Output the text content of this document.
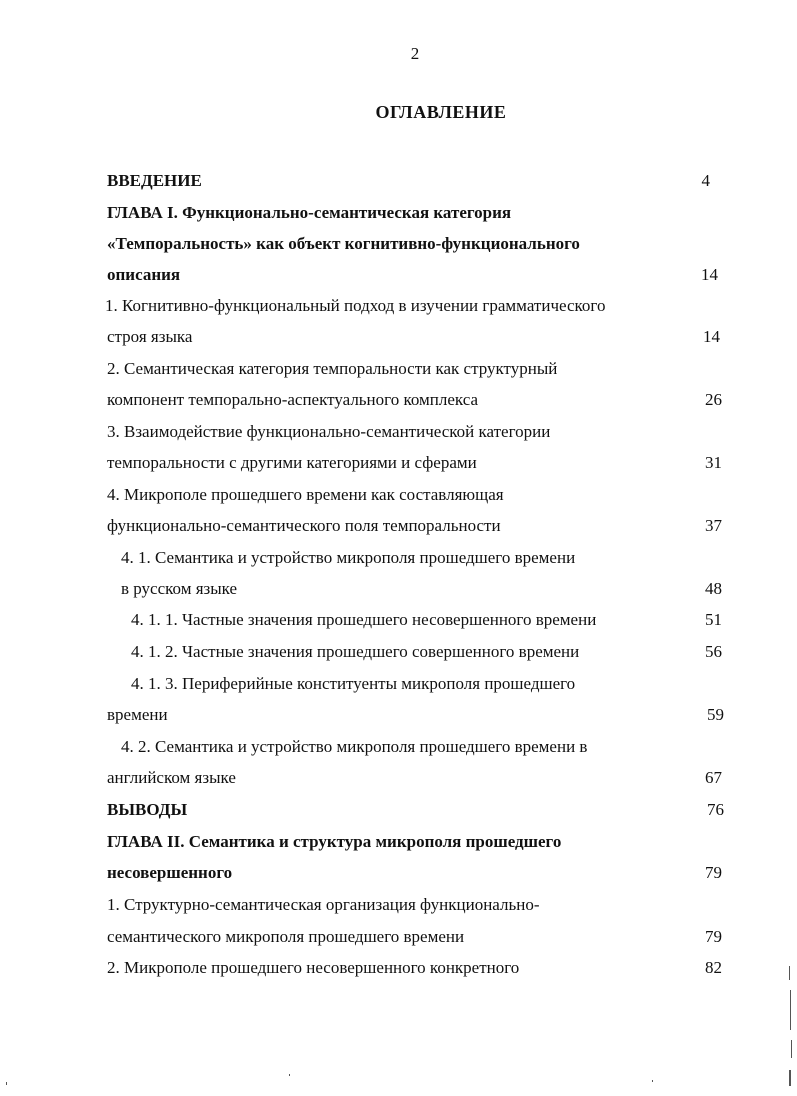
2
ОГЛАВЛЕНИЕ
ВВЕДЕНИЕ	4
ГЛАВА I. Функционально-семантическая категория
«Темпоральность» как объект когнитивно-функционального
описания	14
1. Когнитивно-функциональный подход в изучении грамматического
строя языка	14
2. Семантическая категория темпоральности как структурный
компонент темпорально-аспектуального комплекса	26
3. Взаимодействие функционально-семантической категории
темпоральности с другими категориями и сферами	31
4. Микрополе прошедшего времени как составляющая
функционально-семантического поля темпоральности	37
4. 1. Семантика и устройство микрополя прошедшего времени
в русском языке	48
4. 1. 1. Частные значения прошедшего несовершенного времени	51
4. 1. 2. Частные значения прошедшего совершенного времени	56
4. 1. 3. Периферийные конституенты микрополя прошедшего
времени	59
4. 2. Семантика и устройство микрополя прошедшего времени в
английском языке	67
ВЫВОДЫ	76
ГЛАВА II. Семантика и структура микрополя прошедшего
несовершенного	79
1. Структурно-семантическая организация функционально-
семантического микрополя прошедшего времени	79
2. Микрополе прошедшего несовершенного конкретного	82
